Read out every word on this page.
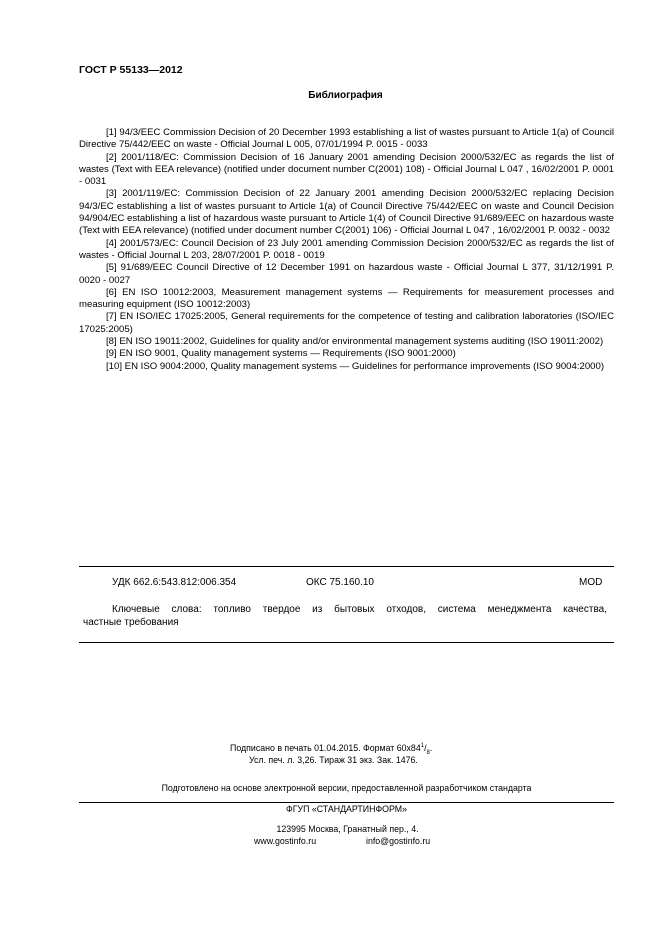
ГОСТ Р 55133—2012
Библиография

[1] 94/3/EEC Commission Decision of 20 December 1993 establishing a list of wastes pursuant to Article 1(a) of Council Directive 75/442/EEC on waste - Official Journal L 005, 07/01/1994 P. 0015 - 0033

[2] 2001/118/EC: Commission Decision of 16 January 2001 amending Decision 2000/532/EC as regards the list of wastes (Text with EEA relevance) (notified under document number C(2001) 108) - Official Journal L 047 , 16/02/2001 P. 0001 - 0031

[3] 2001/119/EC: Commission Decision of 22 January 2001 amending Decision 2000/532/EC replacing Decision 94/3/EC establishing a list of wastes pursuant to Article 1(a) of Council Directive 75/442/EEC on waste and Council Decision 94/904/EC establishing a list of hazardous waste pursuant to Article 1(4) of Council Directive 91/689/EEC on hazardous waste (Text with EEA relevance) (notified under document number C(2001) 106) - Official Journal L 047 , 16/02/2001 P. 0032 - 0032

[4] 2001/573/EC: Council Decision of 23 July 2001 amending Commission Decision 2000/532/EC as regards the list of wastes - Official Journal L 203, 28/07/2001 P. 0018 - 0019

[5] 91/689/EEC Council Directive of 12 December 1991 on hazardous waste - Official Journal L 377, 31/12/1991 P. 0020 - 0027

[6] EN ISO 10012:2003, Measurement management systems — Requirements for measurement processes and measuring equipment (ISO 10012:2003)

[7] EN ISO/IEC 17025:2005, General requirements for the competence of testing and calibration laboratories (ISO/IEC 17025:2005)

[8] EN ISO 19011:2002, Guidelines for quality and/or environmental management systems auditing (ISO 19011:2002)

[9] EN ISO 9001, Quality management systems — Requirements (ISO 9001:2000)

[10] EN ISO 9004:2000, Quality management systems — Guidelines for performance improvements (ISO 9004:2000)

УДК 662.6:543.812:006.354	ОКС 75.160.10	MOD
Ключевые слова: топливо твердое из бытовых отходов, система менеджмента качества,
частные требования
Подписано в печать 01.04.2015. Формат $60x84^1/_8$.
Усл. печ. л. 3,26. Тираж 31 экз. Зак. 1476.
Подготовлено на основе электронной версии, предоставленной разработчиком стандарта
ФГУП «СТАНДАРТИНФОРМ»
123995 Москва, Гранатный пер., 4.
www.gostinfo.ru	info@gostinfo.ru
